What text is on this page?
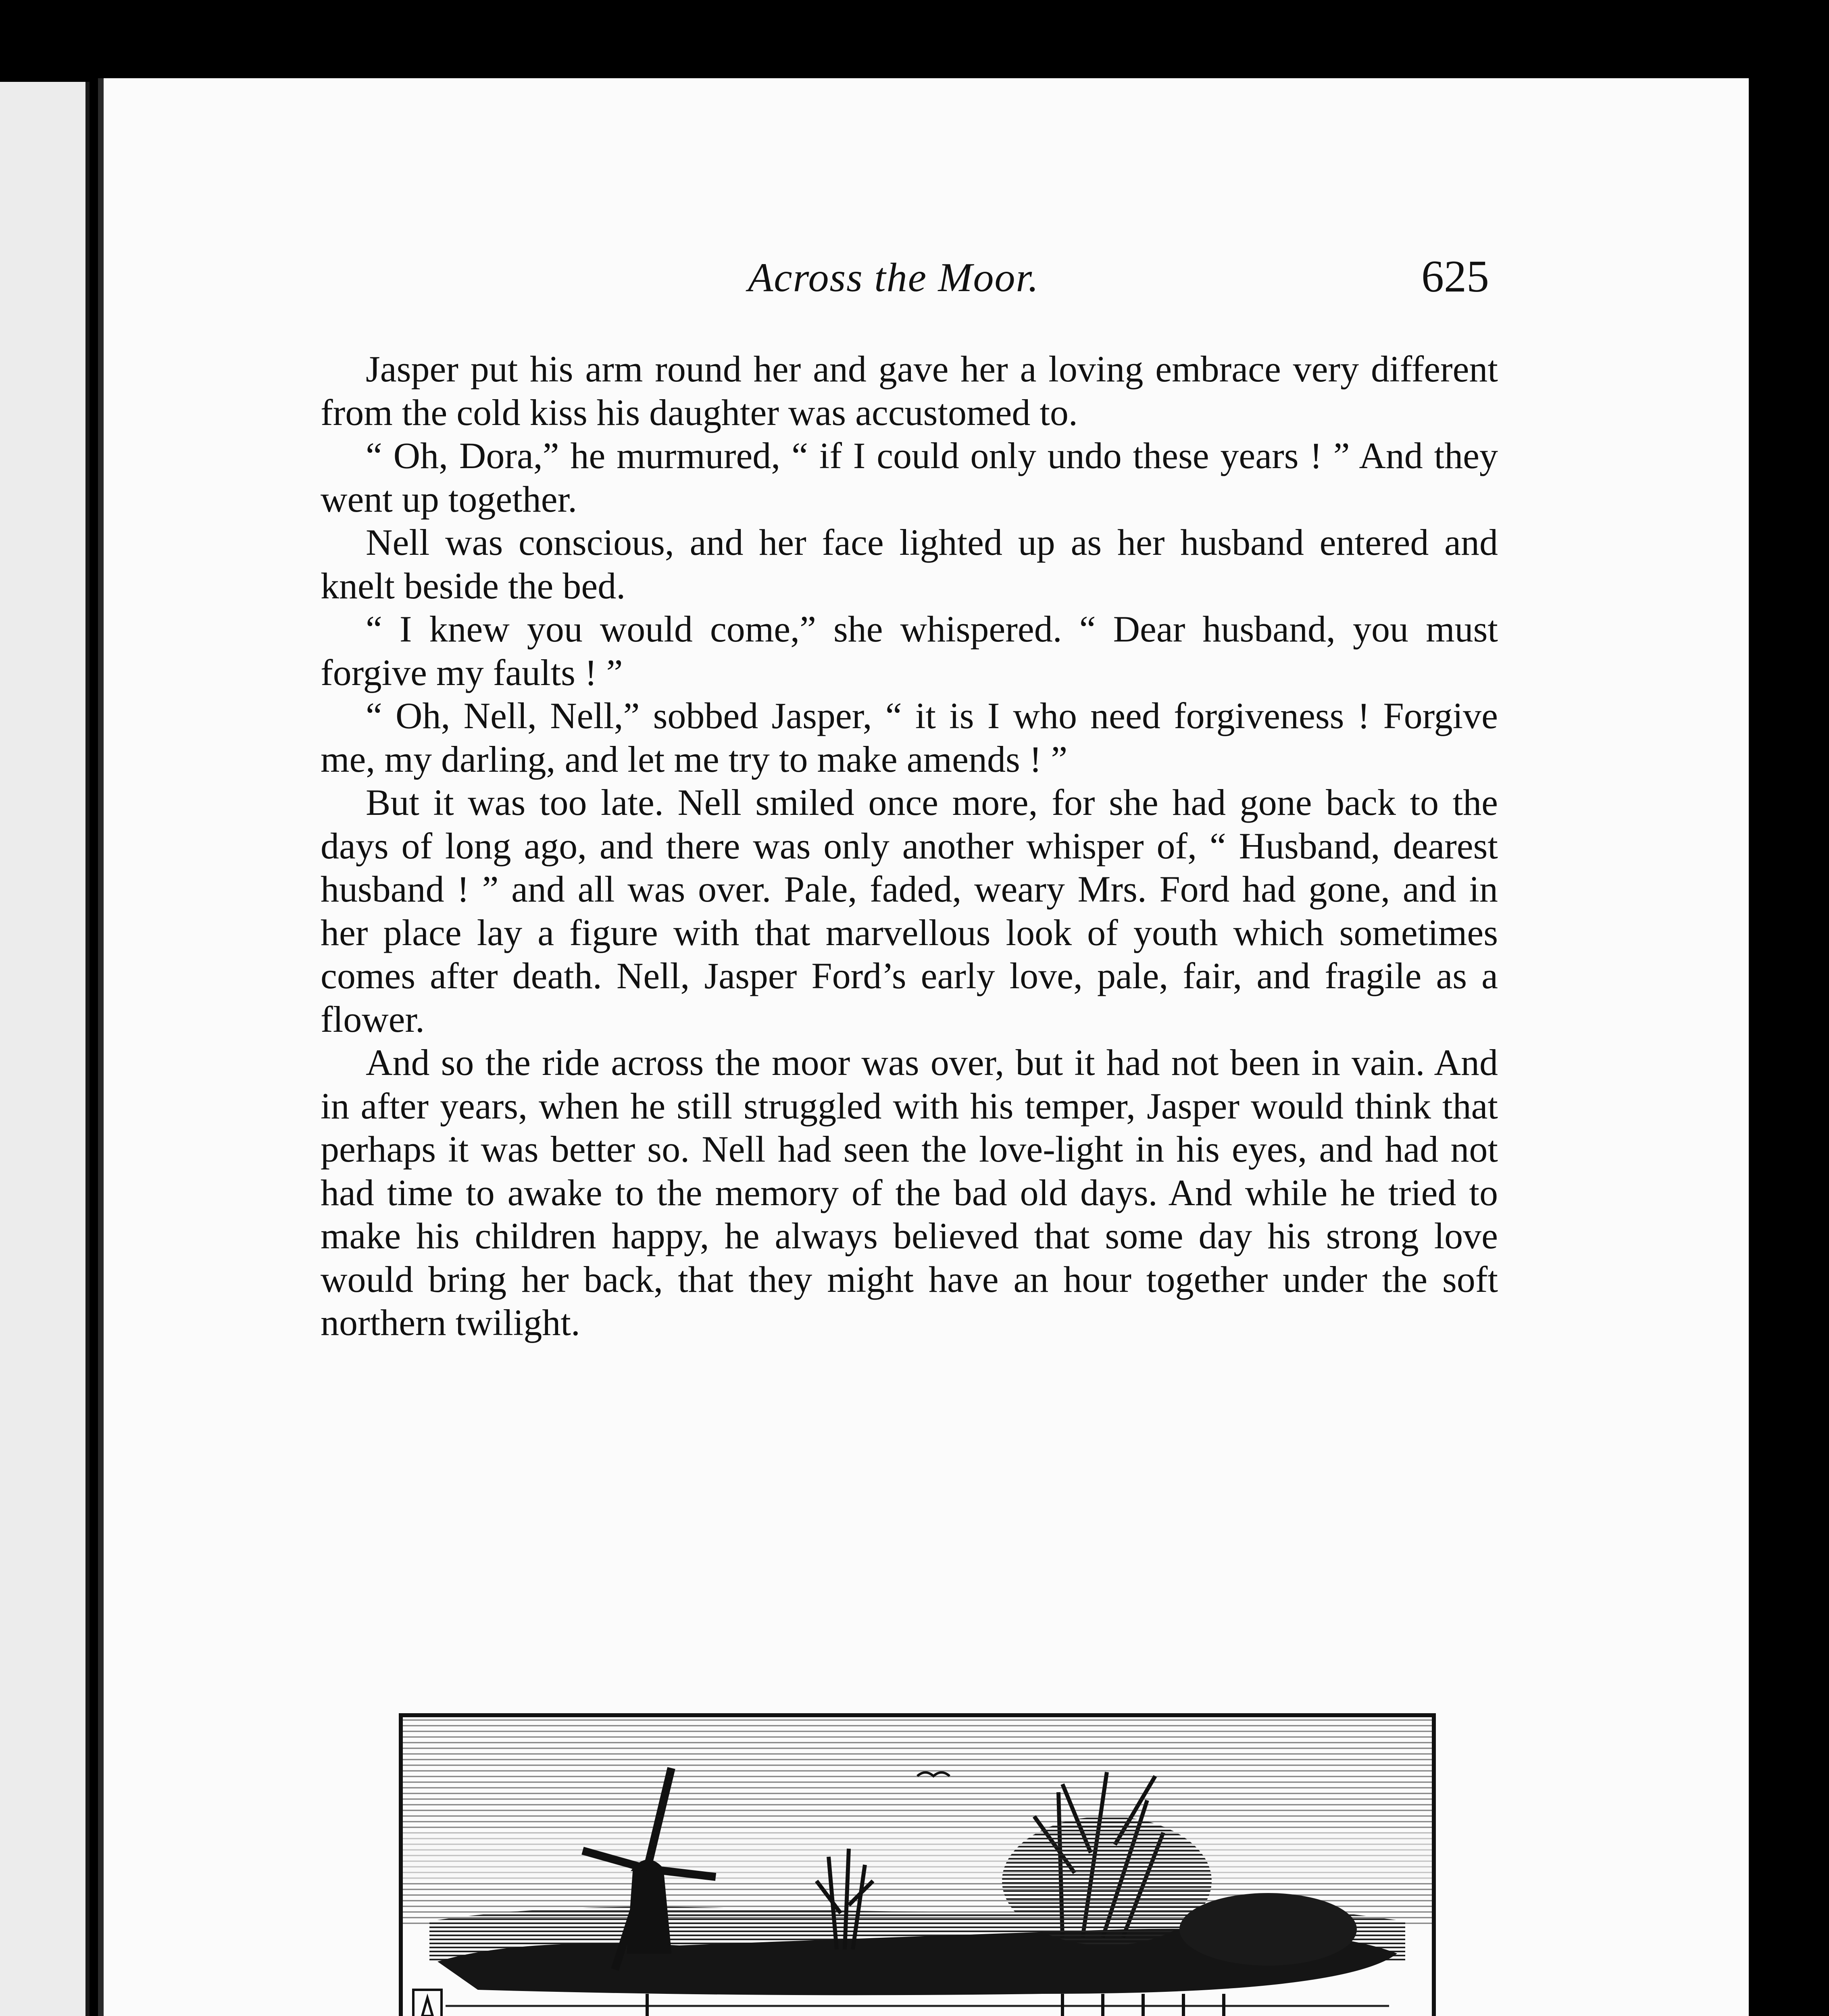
Across the Moor.	625

Jasper put his arm round her and gave her a loving embrace very different from the cold kiss his daughter was accustomed to.

“ Oh, Dora,” he murmured, “ if I could only undo these years ! ” And they went up together.

Nell was conscious, and her face lighted up as her husband entered and knelt beside the bed.

“ I knew you would come,” she whispered. “ Dear husband, you must forgive my faults ! ”

“ Oh, Nell, Nell,” sobbed Jasper, “ it is I who need forgiveness ! Forgive me, my darling, and let me try to make amends ! ”

But it was too late. Nell smiled once more, for she had gone back to the days of long ago, and there was only another whisper of, “ Husband, dearest husband ! ” and all was over. Pale, faded, weary Mrs. Ford had gone, and in her place lay a figure with that marvellous look of youth which sometimes comes after death. Nell, Jasper Ford’s early love, pale, fair, and fragile as a flower.

And so the ride across the moor was over, but it had not been in vain. And in after years, when he still struggled with his temper, Jasper would think that perhaps it was better so. Nell had seen the love-light in his eyes, and had not had time to awake to the memory of the bad old days. And while he tried to make his children happy, he always believed that some day his strong love would bring her back, that they might have an hour together under the soft northern twilight.
